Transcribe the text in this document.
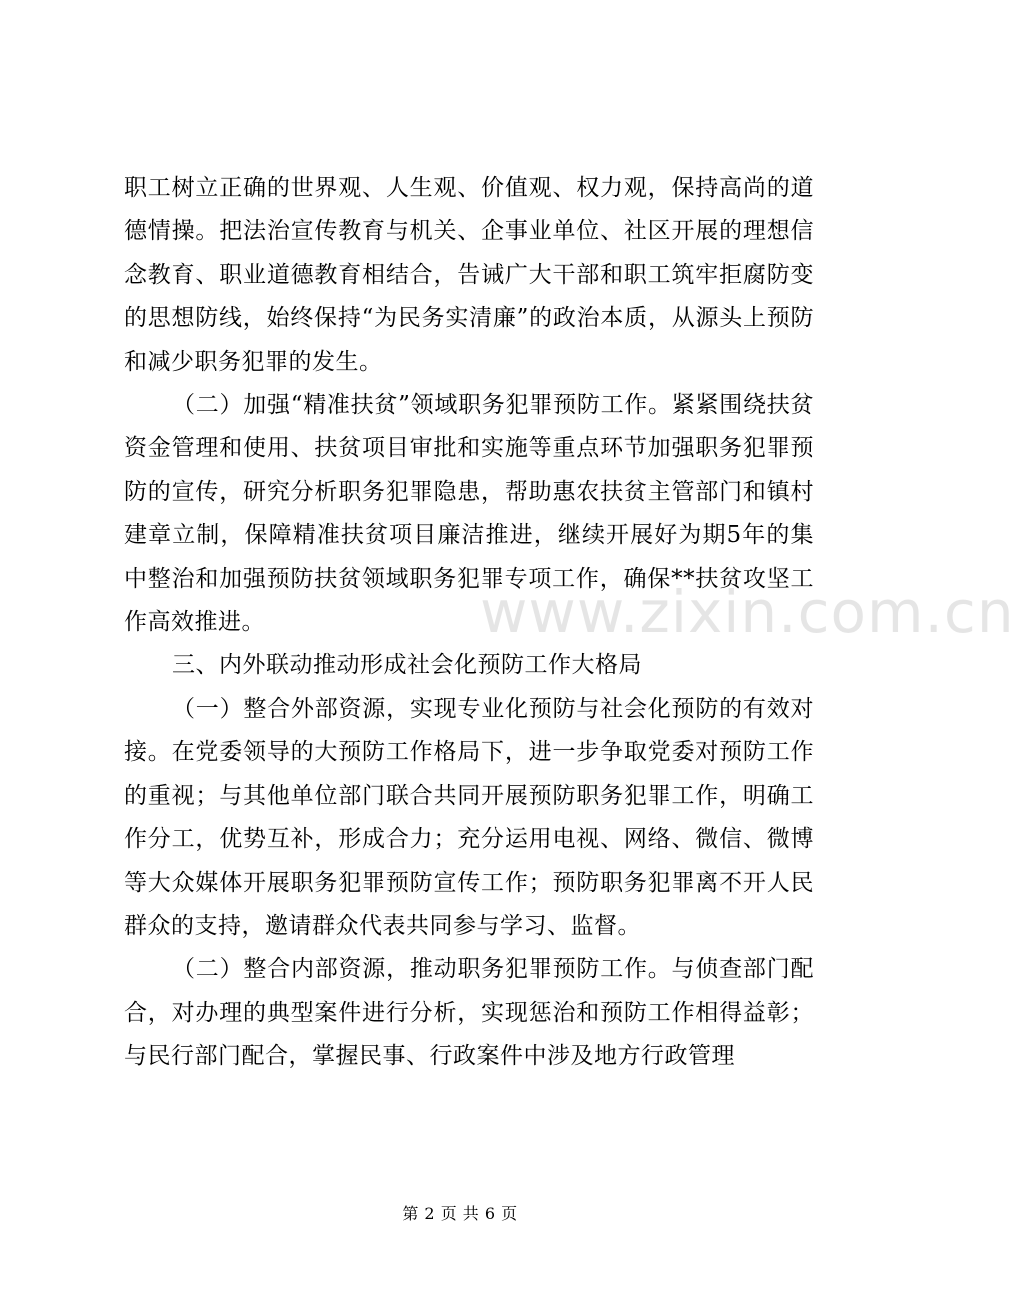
职工树立正确的世界观、人生观、价值观、权力观，保持高尚的道德情操。把法治宣传教育与机关、企事业单位、社区开展的理想信念教育、职业道德教育相结合，告诫广大干部和职工筑牢拒腐防变的思想防线，始终保持“为民务实清廉”的政治本质，从源头上预防和减少职务犯罪的发生。

（二）加强“精准扶贫”领域职务犯罪预防工作。紧紧围绕扶贫资金管理和使用、扶贫项目审批和实施等重点环节加强职务犯罪预防的宣传，研究分析职务犯罪隐患，帮助惠农扶贫主管部门和镇村建章立制，保障精准扶贫项目廉洁推进，继续开展好为期5年的集中整治和加强预防扶贫领域职务犯罪专项工作，确保**扶贫攻坚工作高效推进。

三、内外联动推动形成社会化预防工作大格局

（一）整合外部资源，实现专业化预防与社会化预防的有效对接。在党委领导的大预防工作格局下，进一步争取党委对预防工作的重视；与其他单位部门联合共同开展预防职务犯罪工作，明确工作分工，优势互补，形成合力；充分运用电视、网络、微信、微博等大众媒体开展职务犯罪预防宣传工作；预防职务犯罪离不开人民群众的支持，邀请群众代表共同参与学习、监督。

（二）整合内部资源，推动职务犯罪预防工作。与侦查部门配合，对办理的典型案件进行分析，实现惩治和预防工作相得益彰；与民行部门配合，掌握民事、行政案件中涉及地方行政管理

www.zixin.com.cn
第 2 页 共 6 页
